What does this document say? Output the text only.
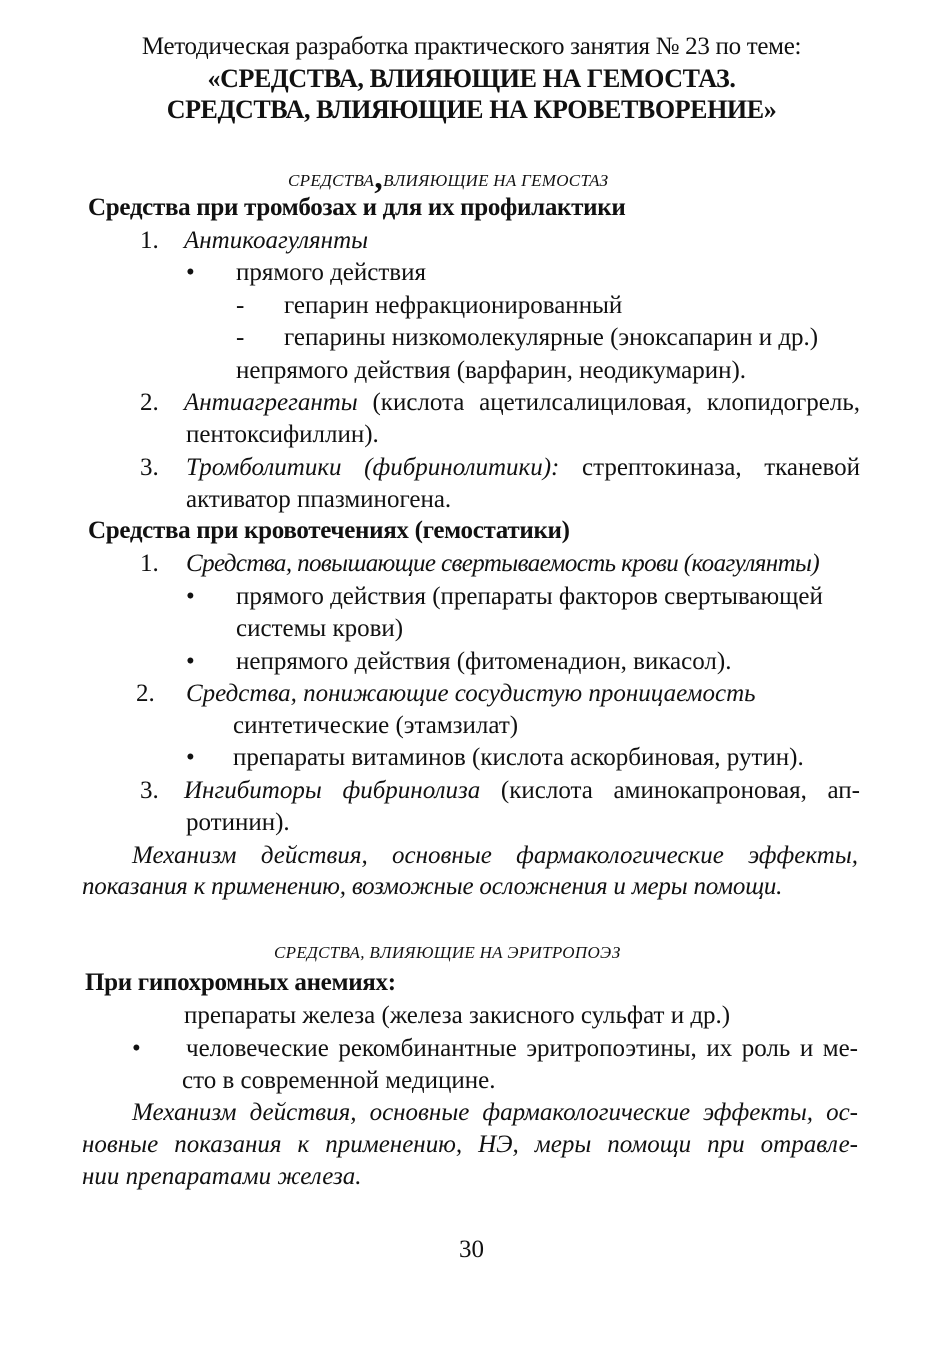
Методическая разработка практического занятия № 23 по теме:
«СРЕДСТВА, ВЛИЯЮЩИЕ НА ГЕМОСТАЗ.
СРЕДСТВА, ВЛИЯЮЩИЕ НА КРОВЕТВОРЕНИЕ»
СРЕДСТВА,ВЛИЯЮЩИЕ НА ГЕМОСТАЗ
Средства при тромбозах и для их профилактики
1. Антикоагулянты
• прямого действия
- гепарин нефракционированный
- гепарины низкомолекулярные (эноксапарин и др.)
непрямого действия (варфарин, неодикумарин).
2. Антиагреганты (кислота ацетилсалициловая, клопидогрель,
пентоксифиллин).
3. Тромболитики (фибринолитики): стрептокиназа, тканевой
активатор ппазминогена.
Средства при кровотечениях (гемостатики)
1. Средства, повышающие свертываемость крови (коагулянты)
• прямого действия (препараты факторов свертывающей
системы крови)
• непрямого действия (фитоменадион, викасол).
2. Средства, понижающие сосудистую проницаемость
синтетические (этамзилат)
• препараты витаминов (кислота аскорбиновая, рутин).
3. Ингибиторы фибринолиза (кислота аминокапроновая, ап-
ротинин).
Механизм действия, основные фармакологические эффекты,
показания к применению, возможные осложнения и меры помощи.
СРЕДСТВА, ВЛИЯЮЩИЕ НА ЭРИТРОПОЭЗ
При гипохромных анемиях:
препараты железа (железа закисного сульфат и др.)
• человеческие рекомбинантные эритропоэтины, их роль и ме-
сто в современной медицине.
Механизм действия, основные фармакологические эффекты, ос-
новные показания к применению, НЭ, меры помощи при отравле-
нии препаратами железа.
30
